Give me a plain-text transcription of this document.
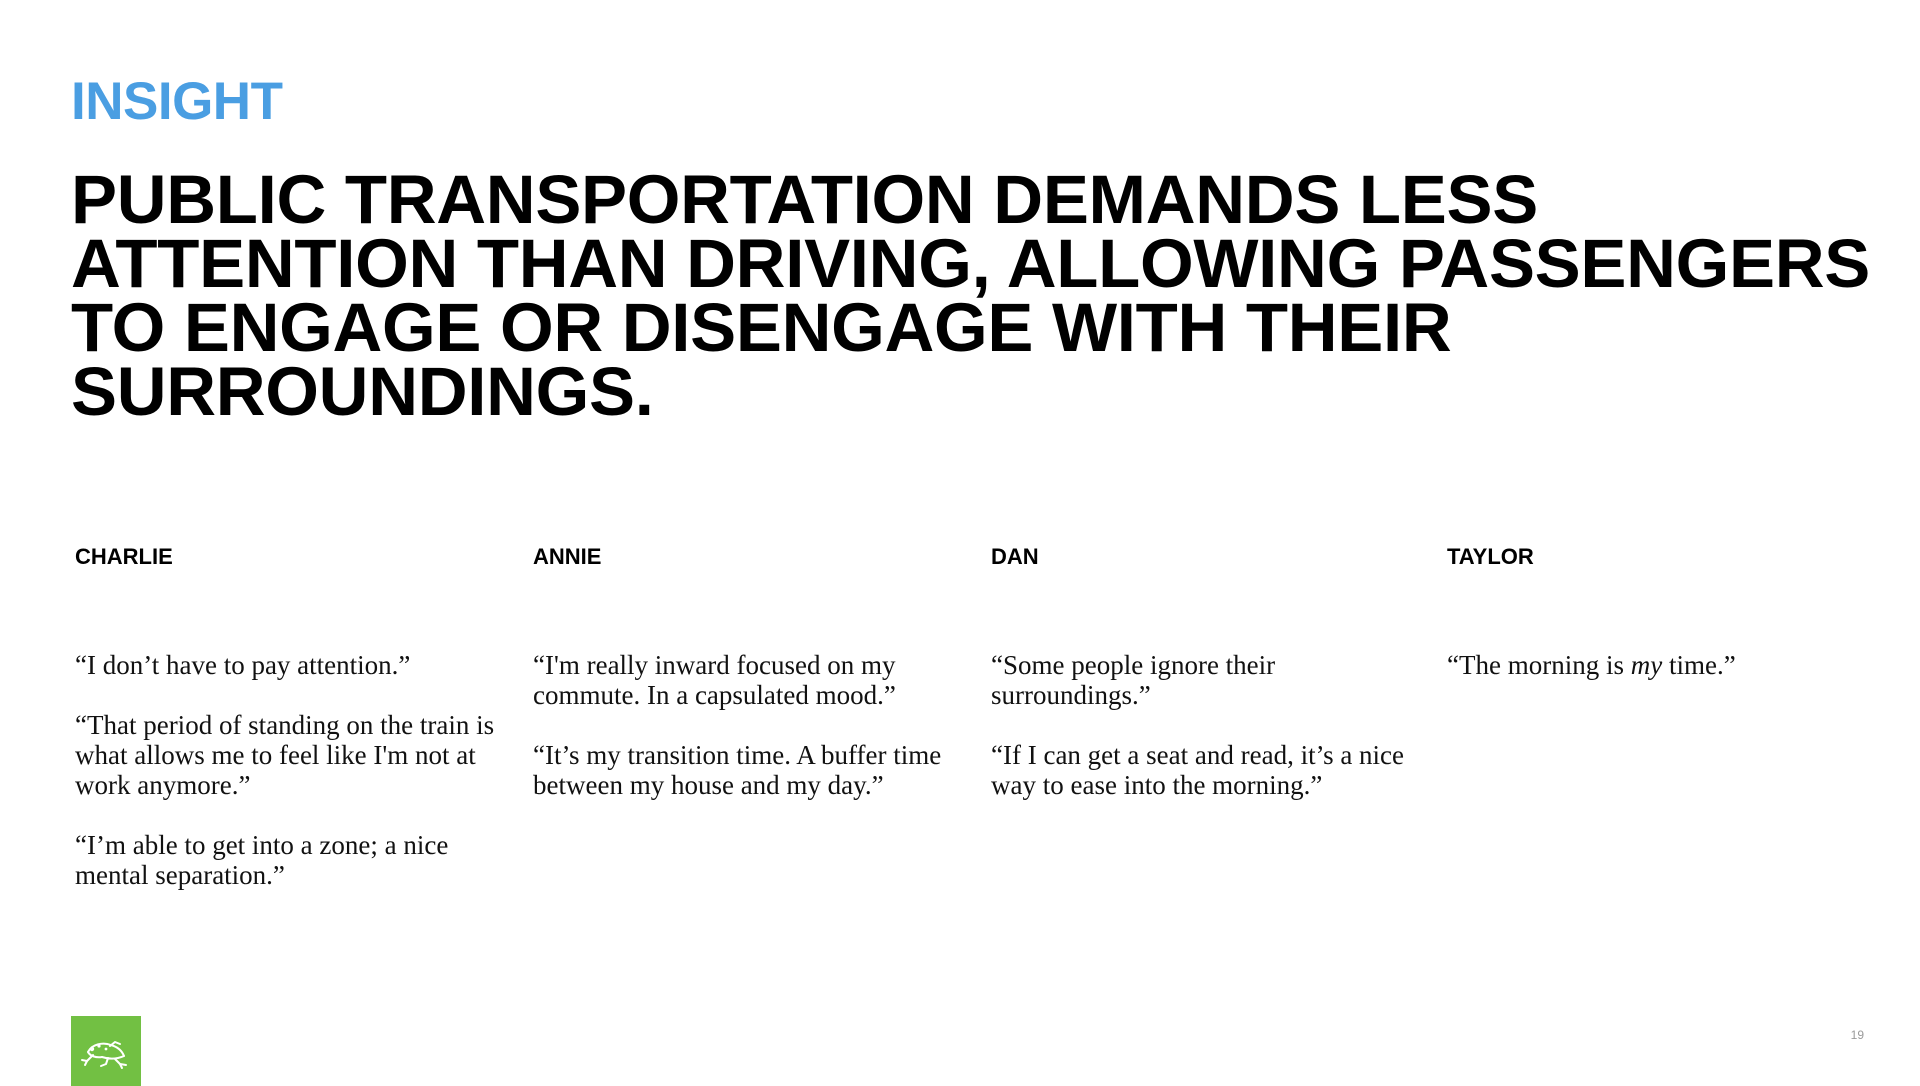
INSIGHT
PUBLIC TRANSPORTATION DEMANDS LESS
ATTENTION THAN DRIVING, ALLOWING PASSENGERS
TO ENGAGE OR DISENGAGE WITH THEIR
SURROUNDINGS.
CHARLIE

“I don’t have to pay attention.”

“That period of standing on the train is what allows me to feel like I'm not at work anymore.”

“I’m able to get into a zone; a nice mental separation.”

ANNIE

“I'm really inward focused on my commute. In a capsulated mood.”

“It’s my transition time. A buffer time between my house and my day.”

DAN

“Some people ignore their surroundings.”

“If I can get a seat and read, it’s a nice way to ease into the morning.”

TAYLOR

“The morning is my time.”

19
